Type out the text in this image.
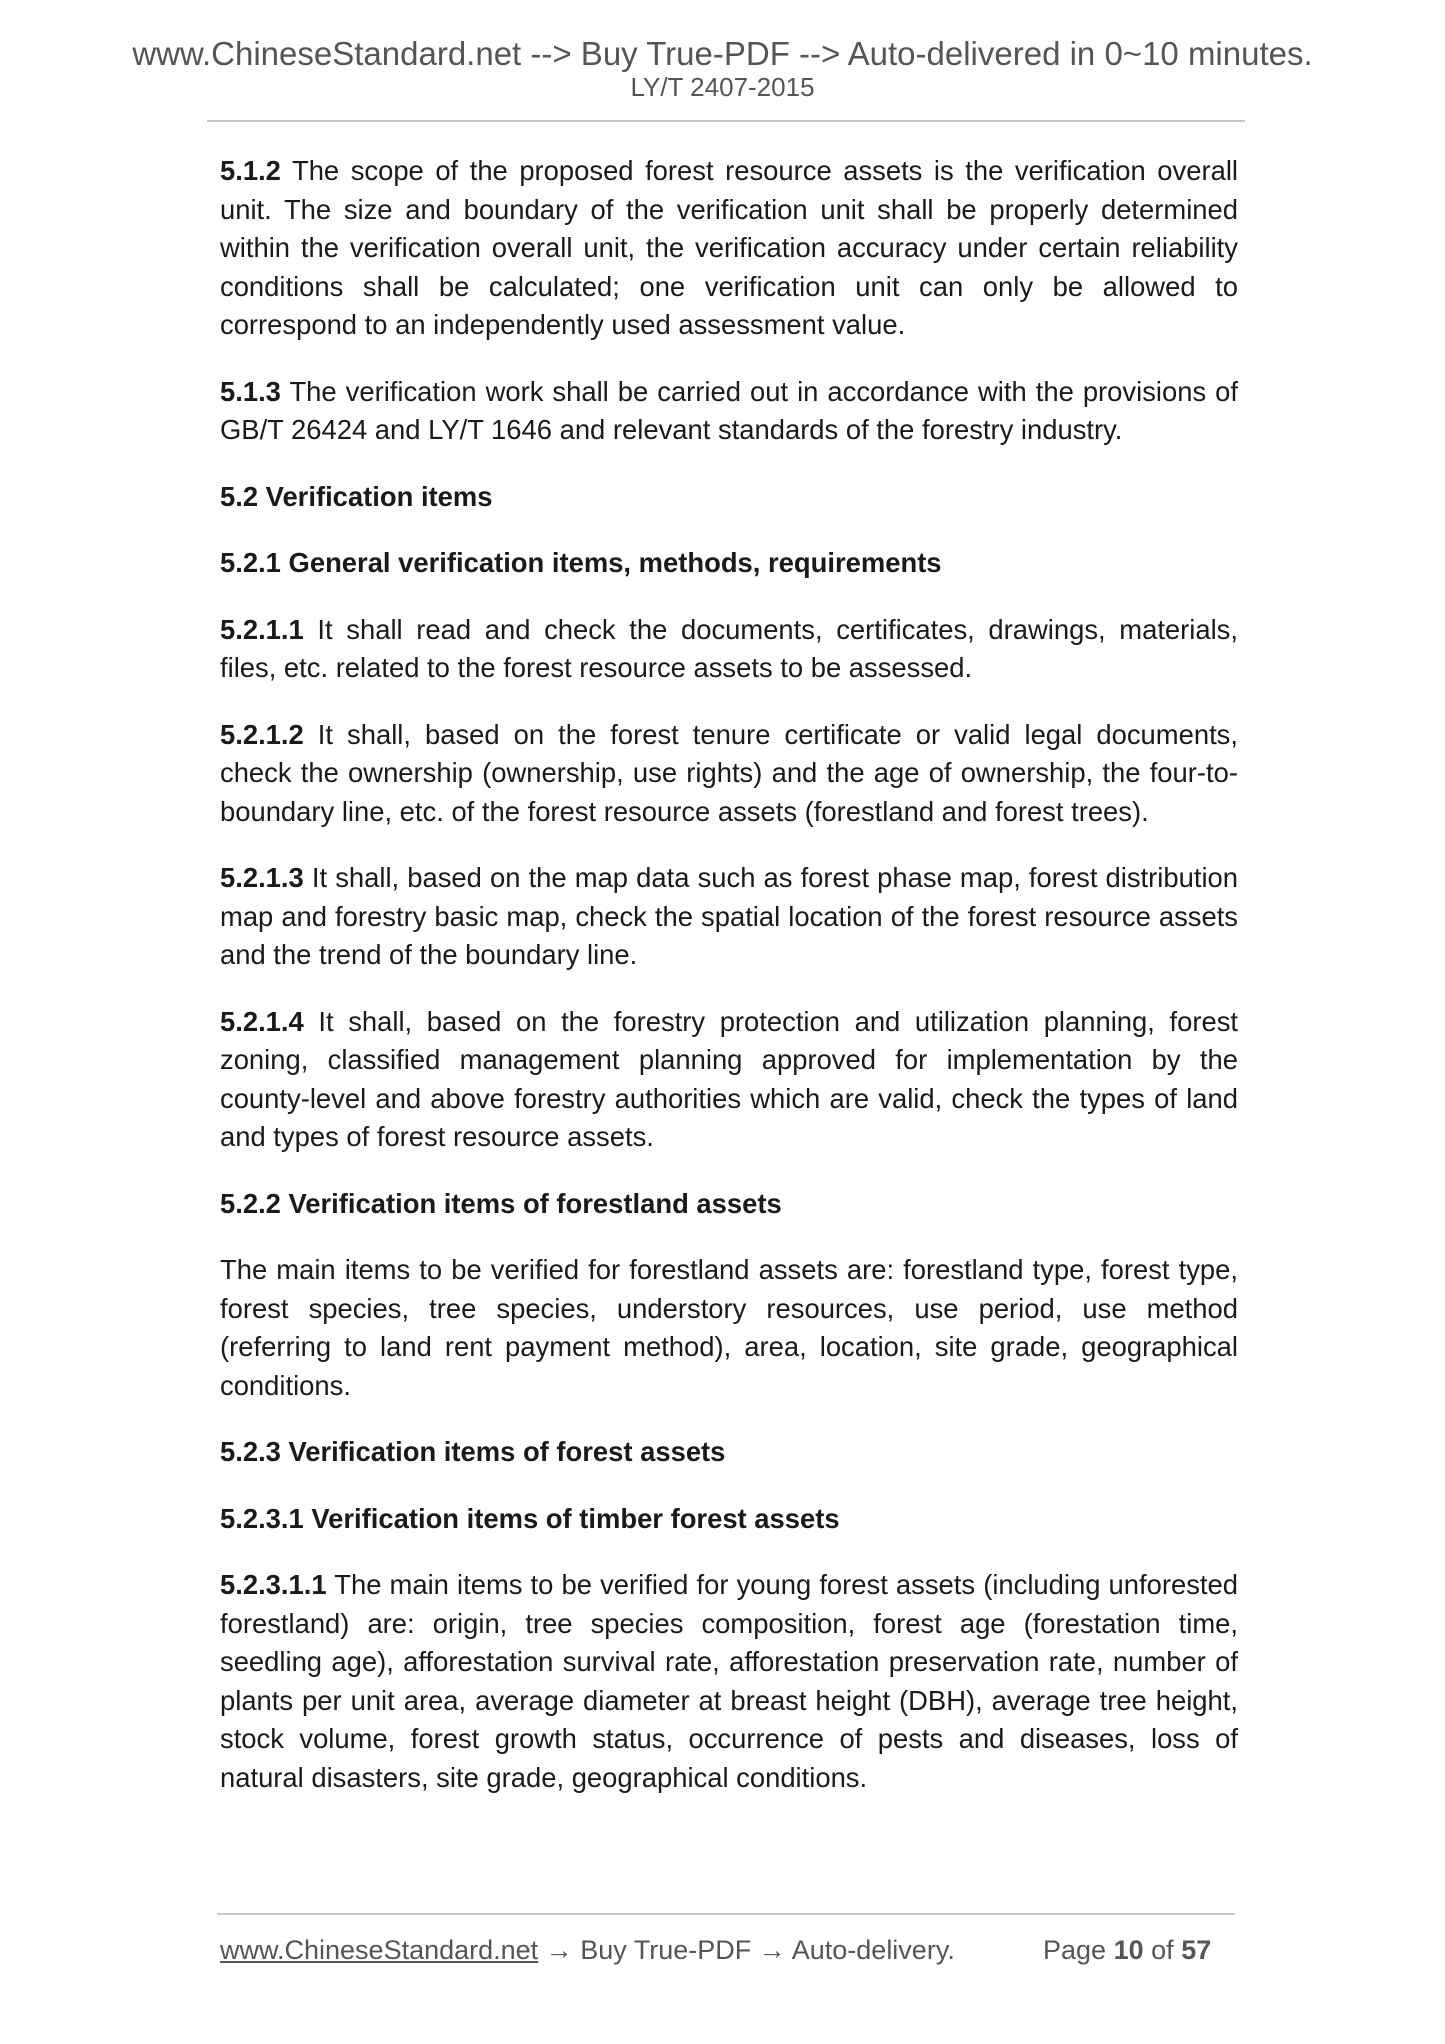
www.ChineseStandard.net --> Buy True-PDF --> Auto-delivered in 0~10 minutes.
LY/T 2407-2015

5.1.2 The scope of the proposed forest resource assets is the verification overall unit. The size and boundary of the verification unit shall be properly determined within the verification overall unit, the verification accuracy under certain reliability conditions shall be calculated; one verification unit can only be allowed to correspond to an independently used assessment value.

5.1.3 The verification work shall be carried out in accordance with the provisions of GB/T 26424 and LY/T 1646 and relevant standards of the forestry industry.

5.2 Verification items

5.2.1 General verification items, methods, requirements

5.2.1.1 It shall read and check the documents, certificates, drawings, materials, files, etc. related to the forest resource assets to be assessed.

5.2.1.2 It shall, based on the forest tenure certificate or valid legal documents, check the ownership (ownership, use rights) and the age of ownership, the four-to-boundary line, etc. of the forest resource assets (forestland and forest trees).

5.2.1.3 It shall, based on the map data such as forest phase map, forest distribution map and forestry basic map, check the spatial location of the forest resource assets and the trend of the boundary line.

5.2.1.4 It shall, based on the forestry protection and utilization planning, forest zoning, classified management planning approved for implementation by the county-level and above forestry authorities which are valid, check the types of land and types of forest resource assets.

5.2.2 Verification items of forestland assets

The main items to be verified for forestland assets are: forestland type, forest type, forest species, tree species, understory resources, use period, use method (referring to land rent payment method), area, location, site grade, geographical conditions.

5.2.3 Verification items of forest assets

5.2.3.1 Verification items of timber forest assets

5.2.3.1.1 The main items to be verified for young forest assets (including unforested forestland) are: origin, tree species composition, forest age (forestation time, seedling age), afforestation survival rate, afforestation preservation rate, number of plants per unit area, average diameter at breast height (DBH), average tree height, stock volume, forest growth status, occurrence of pests and diseases, loss of natural disasters, site grade, geographical conditions.

www.ChineseStandard.net → Buy True-PDF → Auto-delivery.	Page 10 of 57
